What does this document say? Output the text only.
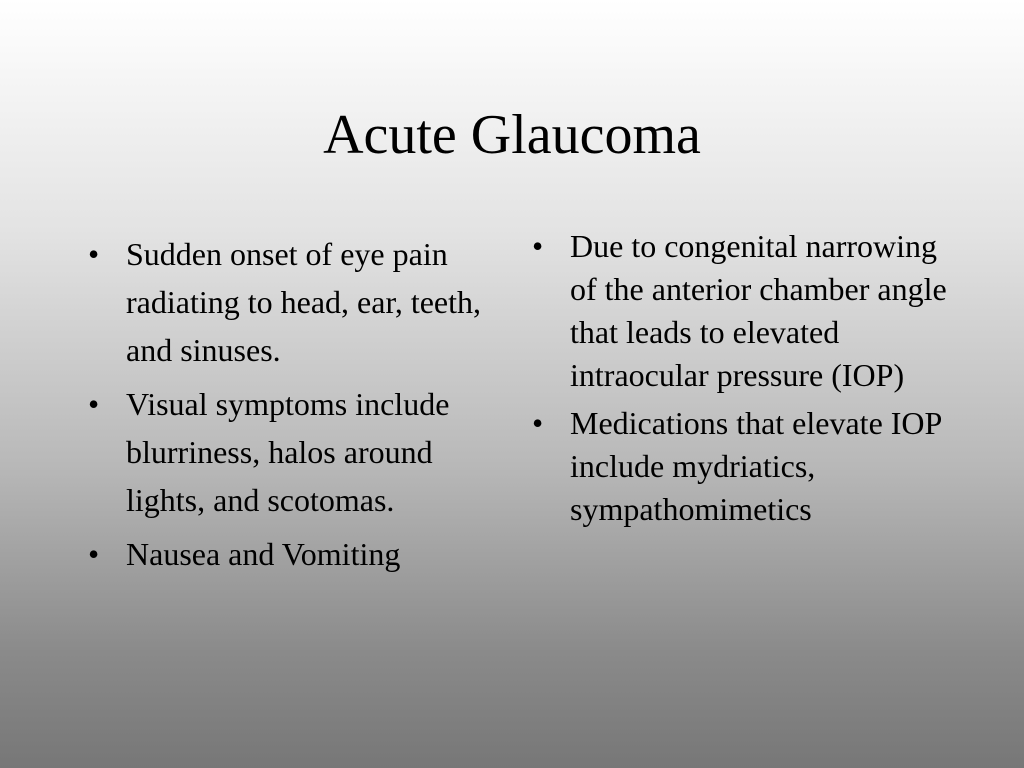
Acute Glaucoma
• Sudden onset of eye pain radiating to head, ear, teeth, and sinuses.
• Visual symptoms include blurriness, halos around lights, and scotomas.
• Nausea and Vomiting
• Due to congenital narrowing of the anterior chamber angle that leads to elevated intraocular pressure (IOP)
• Medications that elevate IOP include mydriatics, sympathomimetics
